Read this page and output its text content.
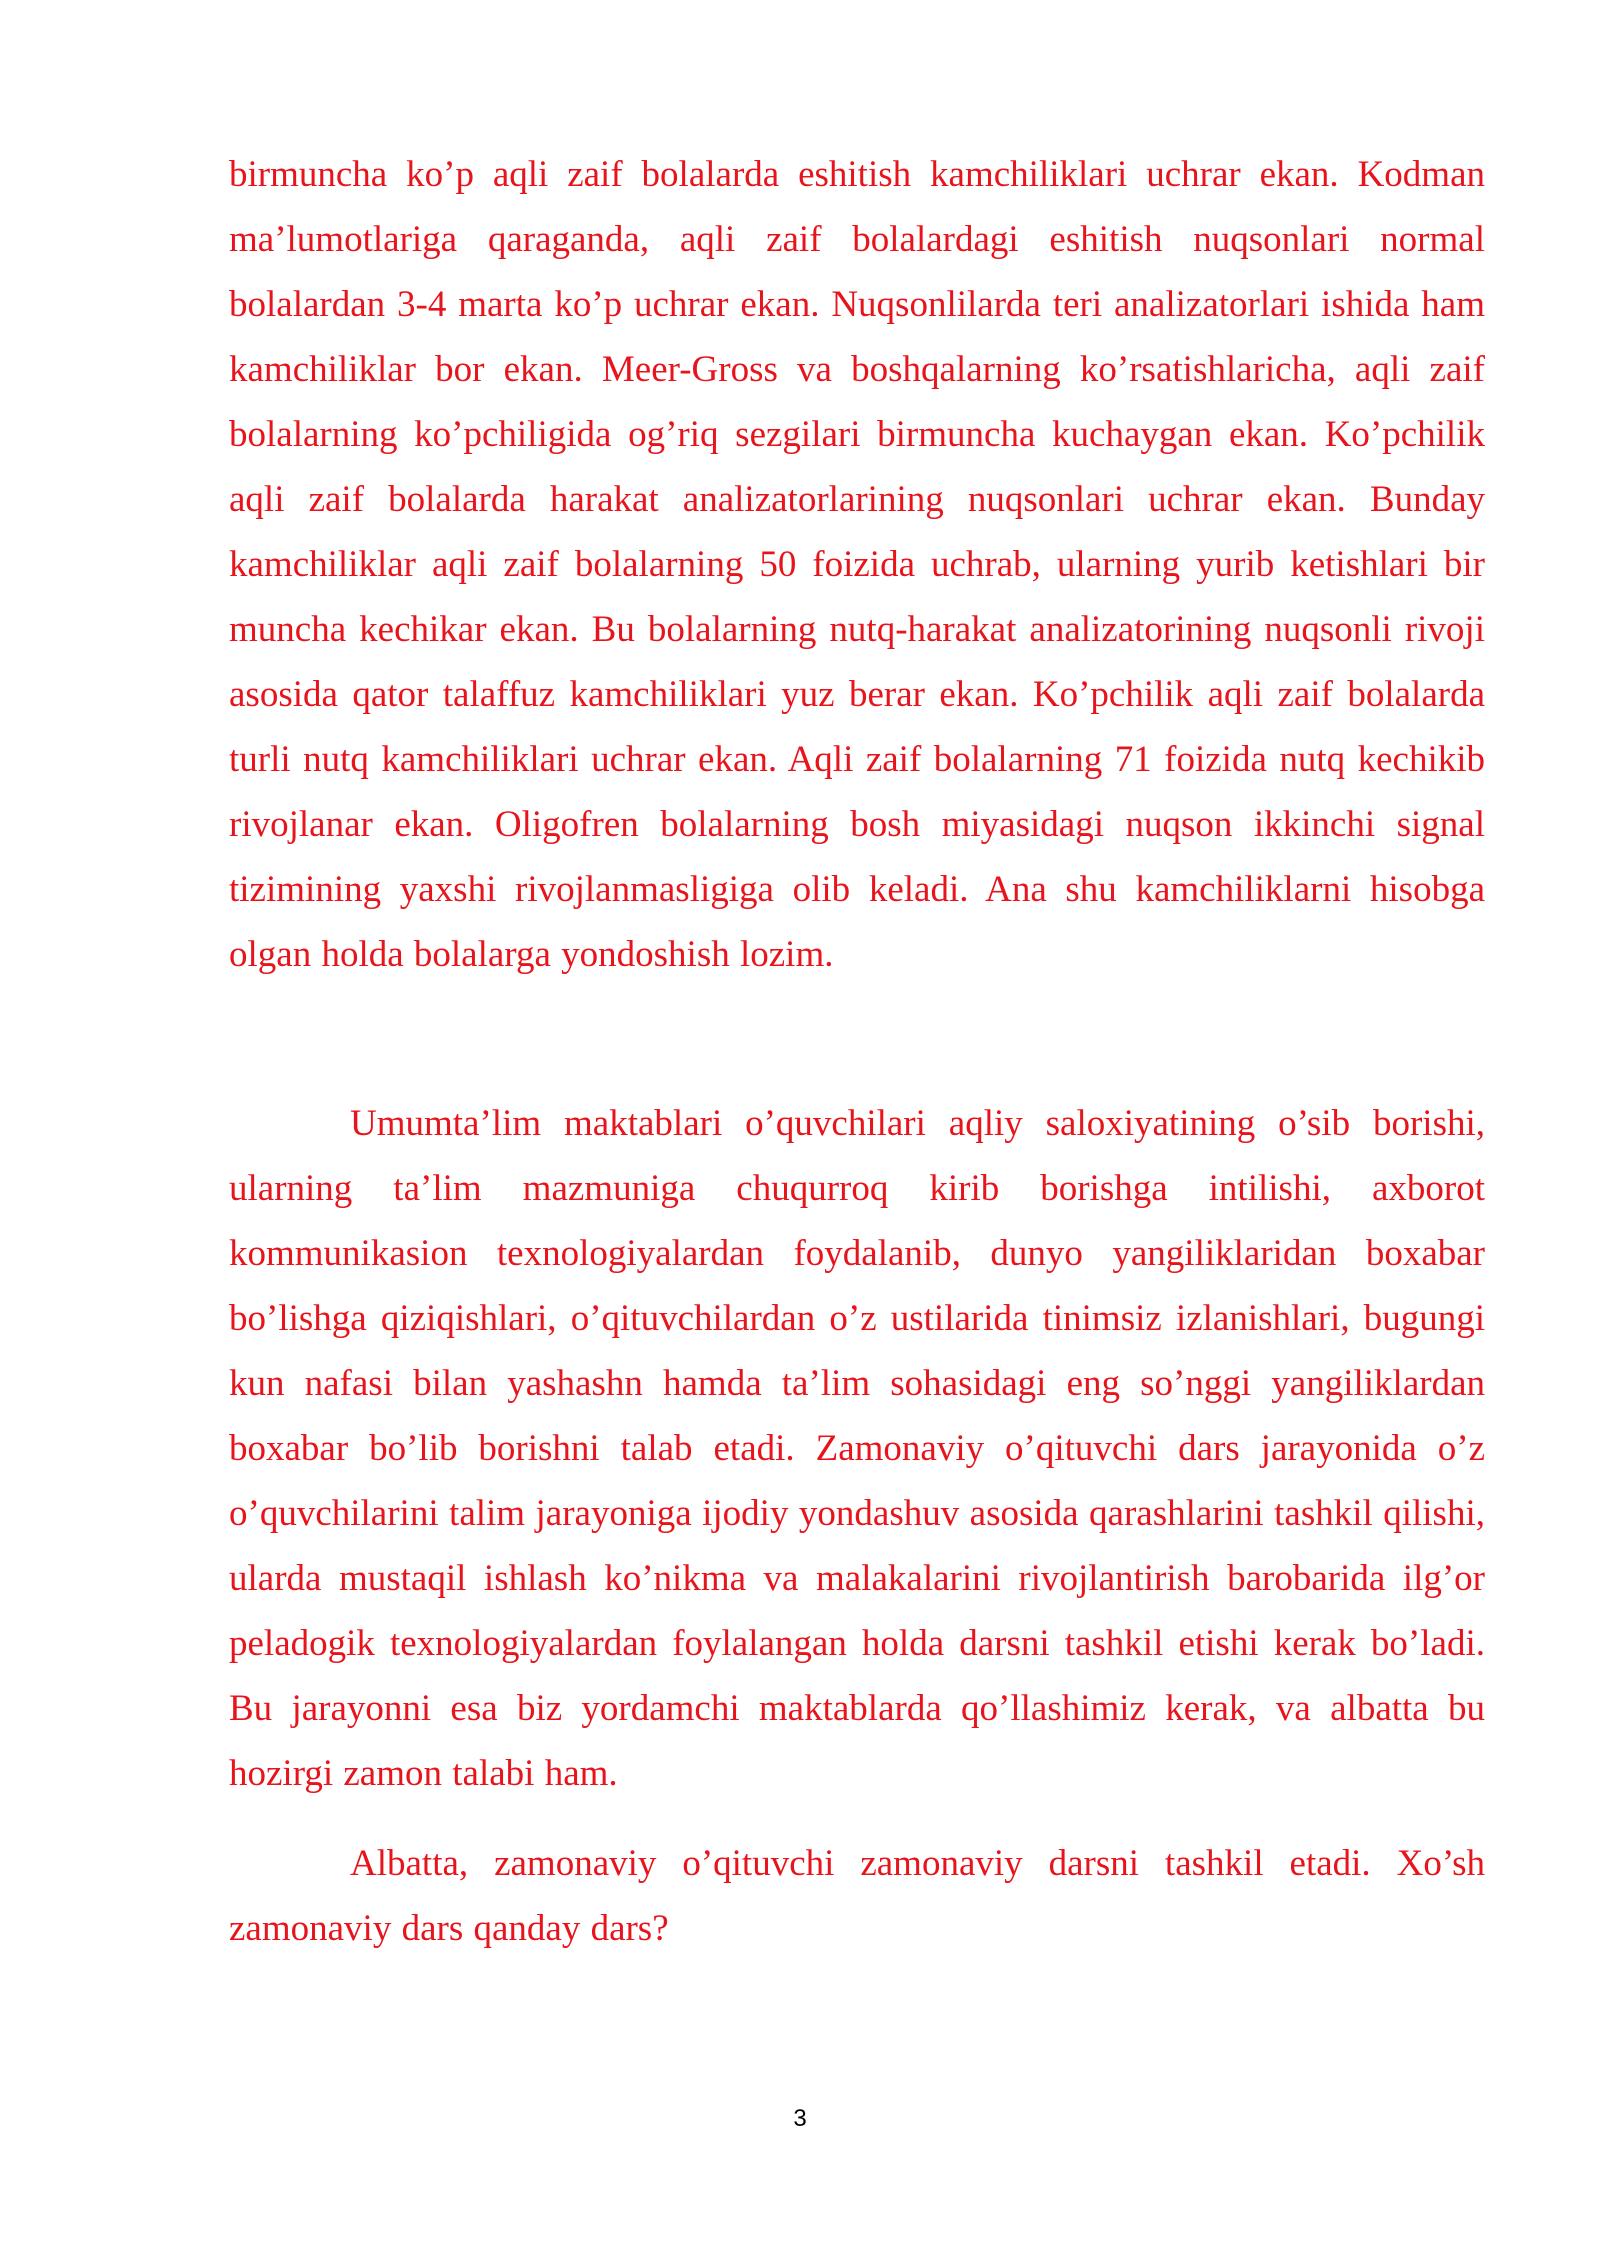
birmuncha ko’p aqli zaif bolalarda eshitish kamchiliklari uchrar ekan. Kodman ma’lumotlariga qaraganda, aqli zaif bolalardagi eshitish nuqsonlari normal bolalardan 3-4 marta ko’p uchrar ekan. Nuqsonlilarda teri analizatorlari ishida ham kamchiliklar bor ekan. Meer-Gross va boshqalarning ko’rsatishlaricha, aqli zaif bolalarning ko’pchiligida og’riq sezgilari birmuncha kuchaygan ekan. Ko’pchilik aqli zaif bolalarda harakat analizatorlarining nuqsonlari uchrar ekan. Bunday kamchiliklar aqli zaif bolalarning 50 foizida uchrab, ularning yurib ketishlari bir muncha kechikar ekan. Bu bolalarning nutq-harakat analizatorining nuqsonli rivoji asosida qator talaffuz kamchiliklari yuz berar ekan. Ko’pchilik aqli zaif bolalarda turli nutq kamchiliklari uchrar ekan. Aqli zaif bolalarning 71 foizida nutq kechikib rivojlanar ekan. Oligofren bolalarning bosh miyasidagi nuqson ikkinchi signal tizimining yaxshi rivojlanmasligiga olib keladi. Ana shu kamchiliklarni hisobga olgan holda bolalarga yondoshish lozim.

Umumta’lim maktablari o’quvchilari aqliy saloxiyatining o’sib borishi, ularning ta’lim mazmuniga chuqurroq kirib borishga intilishi, axborot kommunikasion texnologiyalardan foydalanib, dunyo yangiliklaridan boxabar bo’lishga qiziqishlari, o’qituvchilardan o’z ustilarida tinimsiz izlanishlari, bugungi kun nafasi bilan yashashn hamda ta’lim sohasidagi eng so’nggi yangiliklardan boxabar bo’lib borishni talab etadi. Zamonaviy o’qituvchi dars jarayonida o’z o’quvchilarini talim jarayoniga ijodiy yondashuv asosida qarashlarini tashkil qilishi, ularda mustaqil ishlash ko’nikma va malakalarini rivojlantirish barobarida ilg’or peladogik texnologiyalardan foylalangan holda darsni tashkil etishi kerak bo’ladi. Bu jarayonni esa biz yordamchi maktablarda qo’llashimiz kerak, va albatta bu hozirgi zamon talabi ham.

Albatta, zamonaviy o’qituvchi zamonaviy darsni tashkil etadi. Xo’sh zamonaviy dars qanday dars?

3
